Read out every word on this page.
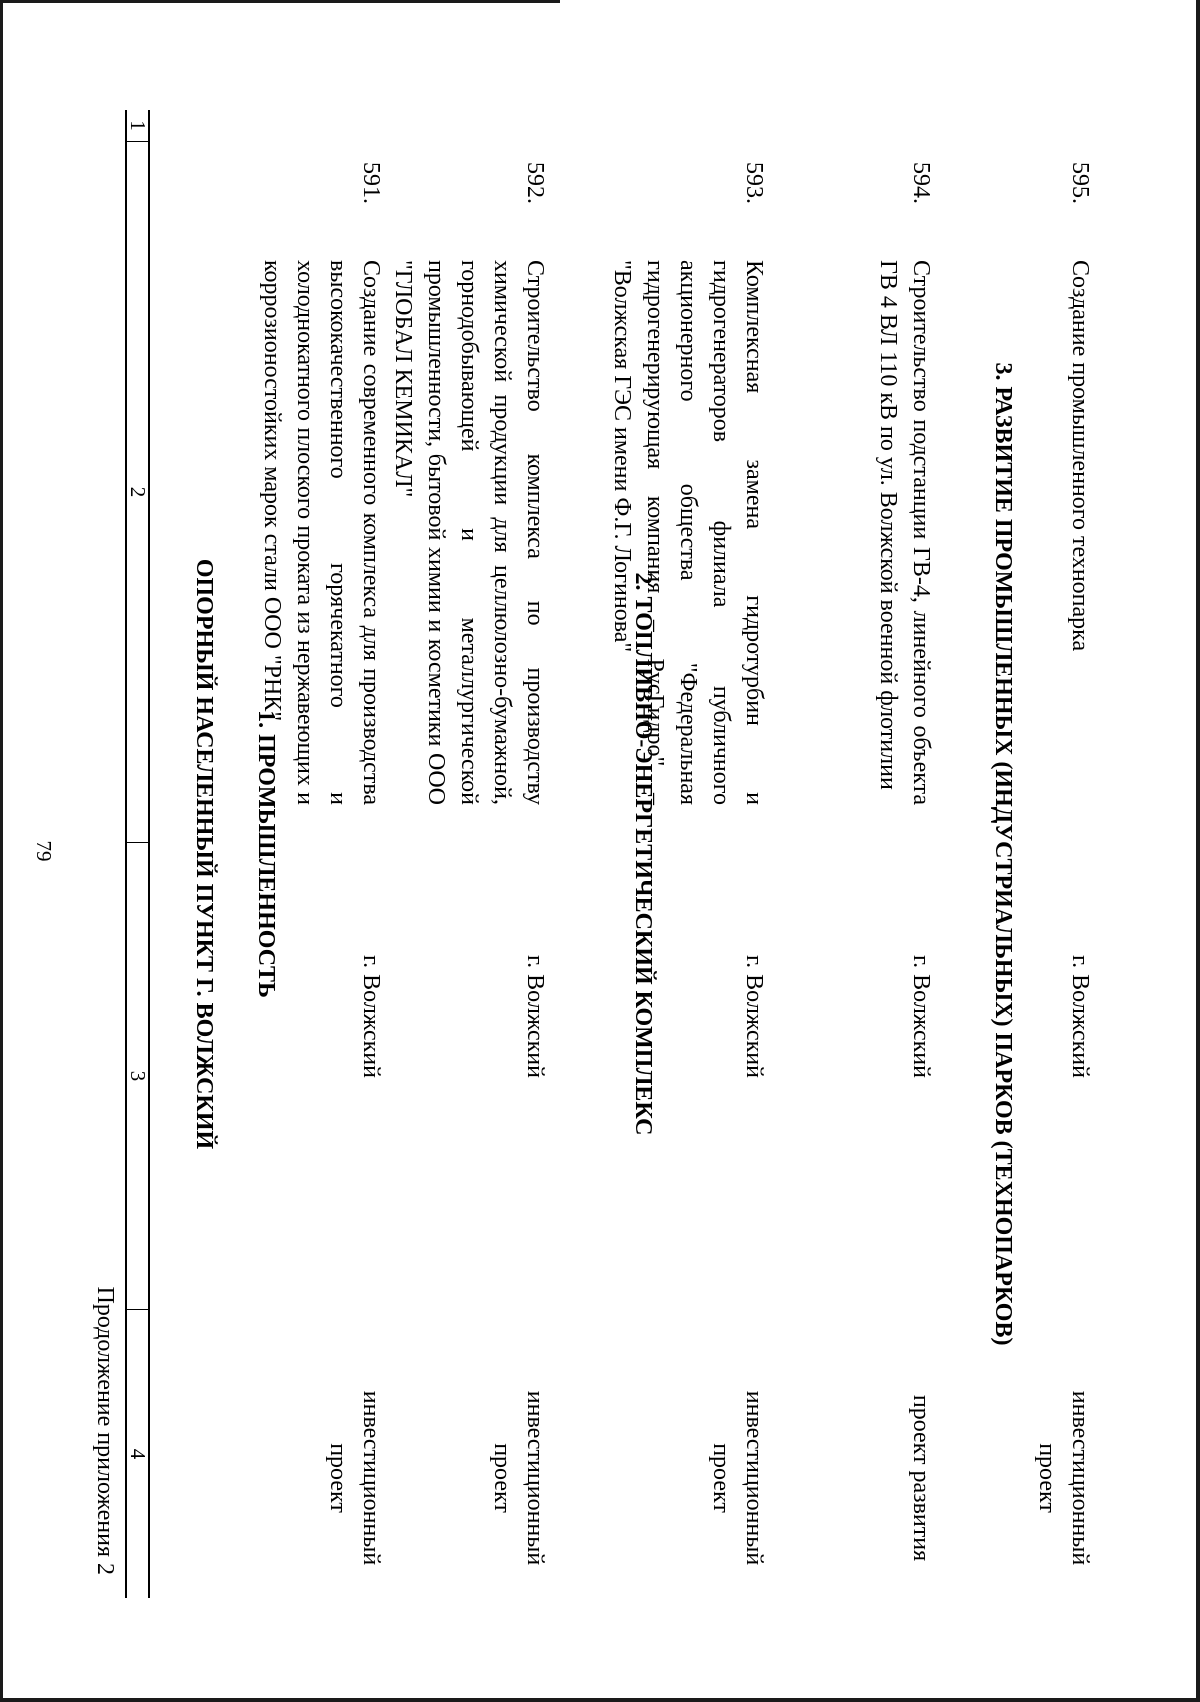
79
Продолжение приложения 2
1
2
3
4
ОПОРНЫЙ НАСЕЛЕННЫЙ ПУНКТ Г. ВОЛЖСКИЙ 1. ПРОМЫШЛЕННОСТЬ
591.
Создание современного комплекса для производства высококачественного горячекатного и холоднокатного плоского проката из нержавеющих и коррозионостойких марок стали ООО "РНК"
г. Волжский
инвестиционный проект
592.
Строительство комплекса по производству химической продукции для целлюлозно-бумажной, горнодобывающей и металлургической промышленности, бытовой химии и косметики ООО "ГЛОБАЛ КЕМИКАЛ"
г. Волжский
инвестиционный проект
2. ТОПЛИВНО-ЭНЕРГЕТИЧЕСКИЙ КОМПЛЕКС
593.
Комплексная замена гидротурбин и гидрогенераторов филиала публичного акционерного общества "Федеральная гидрогенерирующая компания – РусГидро" – "Волжская ГЭС имени Ф.Г. Логинова"
г. Волжский
инвестиционный проект
594.
Строительство подстанции ГВ-4, линейного объекта ГВ 4 ВЛ 110 кВ по ул. Волжской военной флотилии
г. Волжский
проект развития
3. РАЗВИТИЕ ПРОМЫШЛЕННЫХ (ИНДУСТРИАЛЬНЫХ) ПАРКОВ (ТЕХНОПАРКОВ)
595.
Создание промышленного технопарка
г. Волжский
инвестиционный проект
